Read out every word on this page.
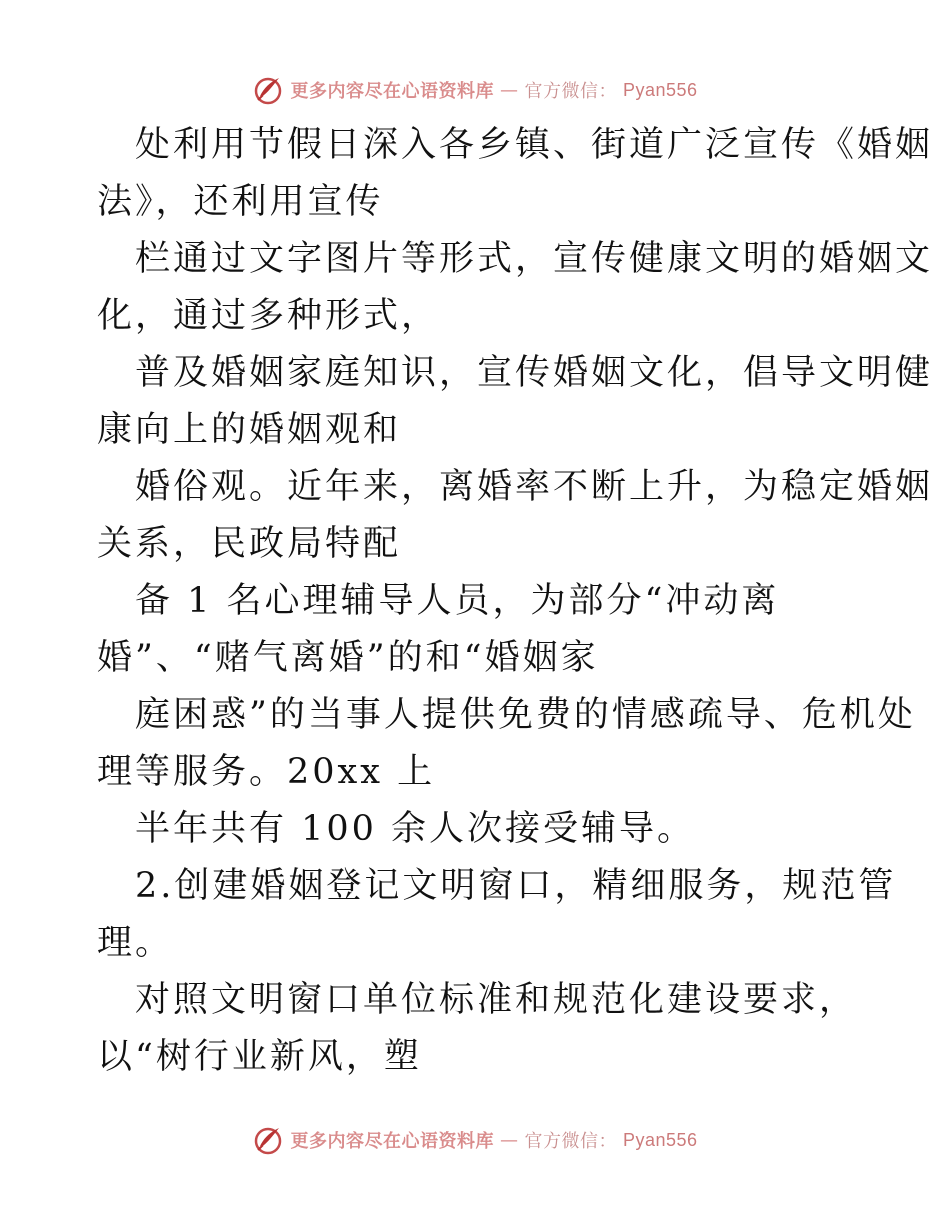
更多内容尽在心语资料库 — 官方微信： Pyan556
处利用节假日深入各乡镇、街道广泛宣传《婚姻
法》，还利用宣传
栏通过文字图片等形式，宣传健康文明的婚姻文
化，通过多种形式，
普及婚姻家庭知识，宣传婚姻文化，倡导文明健
康向上的婚姻观和
婚俗观。近年来，离婚率不断上升，为稳定婚姻
关系，民政局特配
备 1 名心理辅导人员，为部分“冲动离
婚”、“赌气离婚”的和“婚姻家
庭困惑”的当事人提供免费的情感疏导、危机处
理等服务。20xx 上
半年共有 100 余人次接受辅导。
2.创建婚姻登记文明窗口，精细服务，规范管
理。
对照文明窗口单位标准和规范化建设要求，
以“树行业新风，塑
更多内容尽在心语资料库 — 官方微信： Pyan556
